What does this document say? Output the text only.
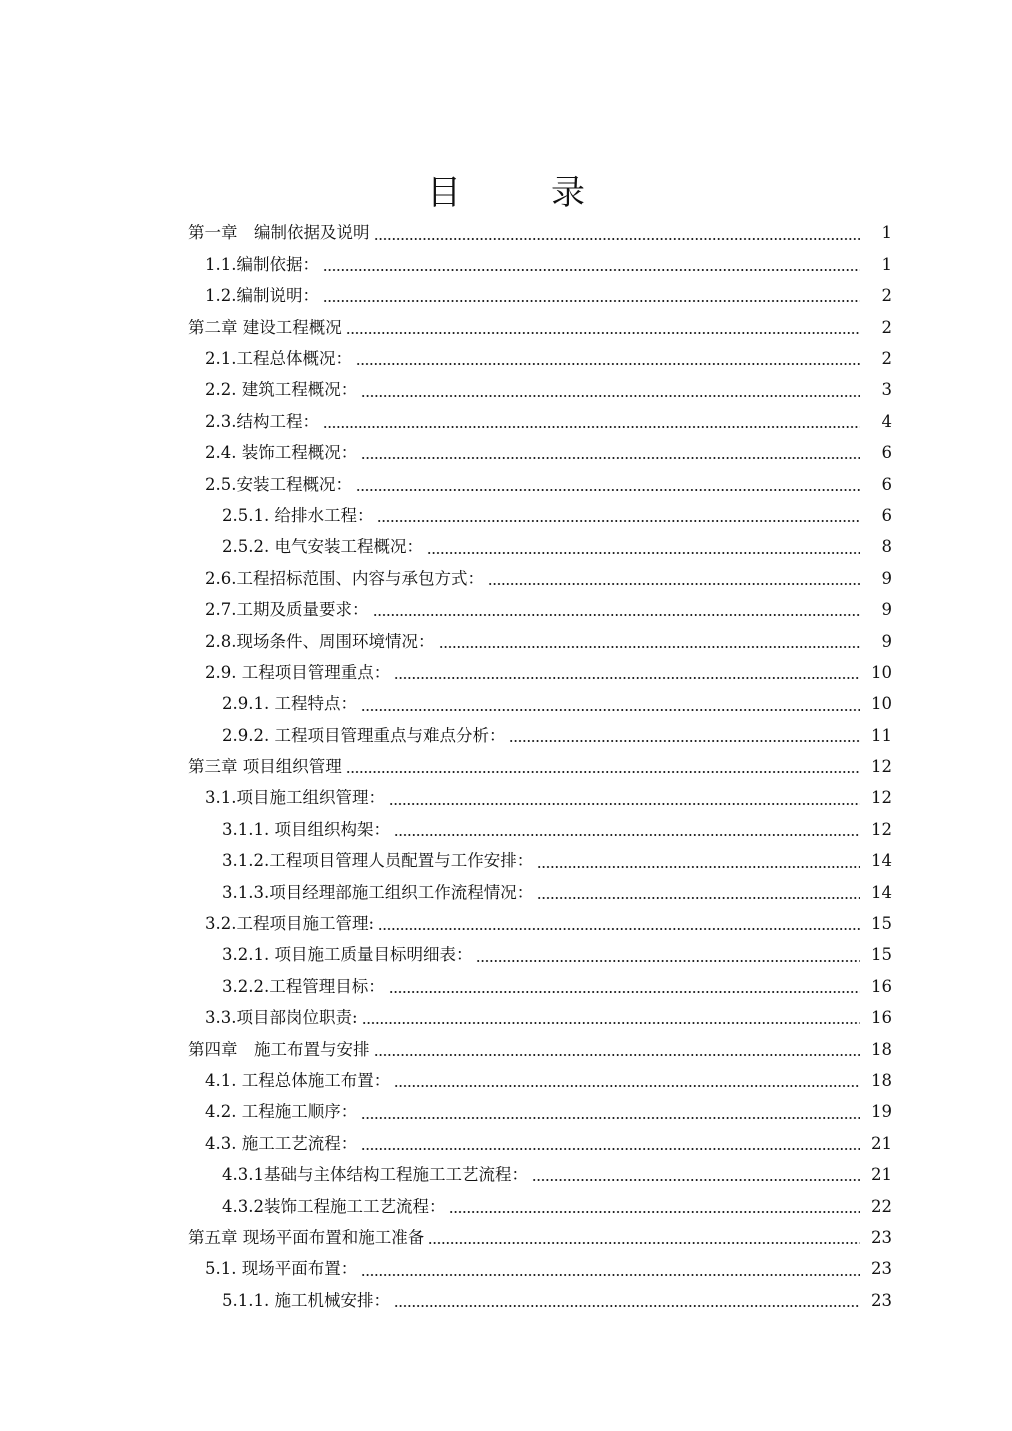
目	录
第一章　编制依据及说明	1
1.1.编制依据：	1
1.2.编制说明：	2
第二章 建设工程概况	2
2.1.工程总体概况：	2
2.2. 建筑工程概况：	3
2.3.结构工程：	4
2.4. 装饰工程概况：	6
2.5.安装工程概况：	6
2.5.1. 给排水工程：	6
2.5.2. 电气安装工程概况：	8
2.6.工程招标范围、内容与承包方式：	9
2.7.工期及质量要求：	9
2.8.现场条件、周围环境情况：	9
2.9. 工程项目管理重点：	10
2.9.1. 工程特点：	10
2.9.2. 工程项目管理重点与难点分析：	11
第三章 项目组织管理	12
3.1.项目施工组织管理：	12
3.1.1. 项目组织构架：	12
3.1.2.工程项目管理人员配置与工作安排：	14
3.1.3.项目经理部施工组织工作流程情况：	14
3.2.工程项目施工管理:	15
3.2.1. 项目施工质量目标明细表：	15
3.2.2.工程管理目标：	16
3.3.项目部岗位职责:	16
第四章　施工布置与安排	18
4.1. 工程总体施工布置：	18
4.2. 工程施工顺序：	19
4.3. 施工工艺流程：	21
4.3.1基础与主体结构工程施工工艺流程：	21
4.3.2装饰工程施工工艺流程：	22
第五章 现场平面布置和施工准备	23
5.1. 现场平面布置：	23
5.1.1. 施工机械安排：	23
